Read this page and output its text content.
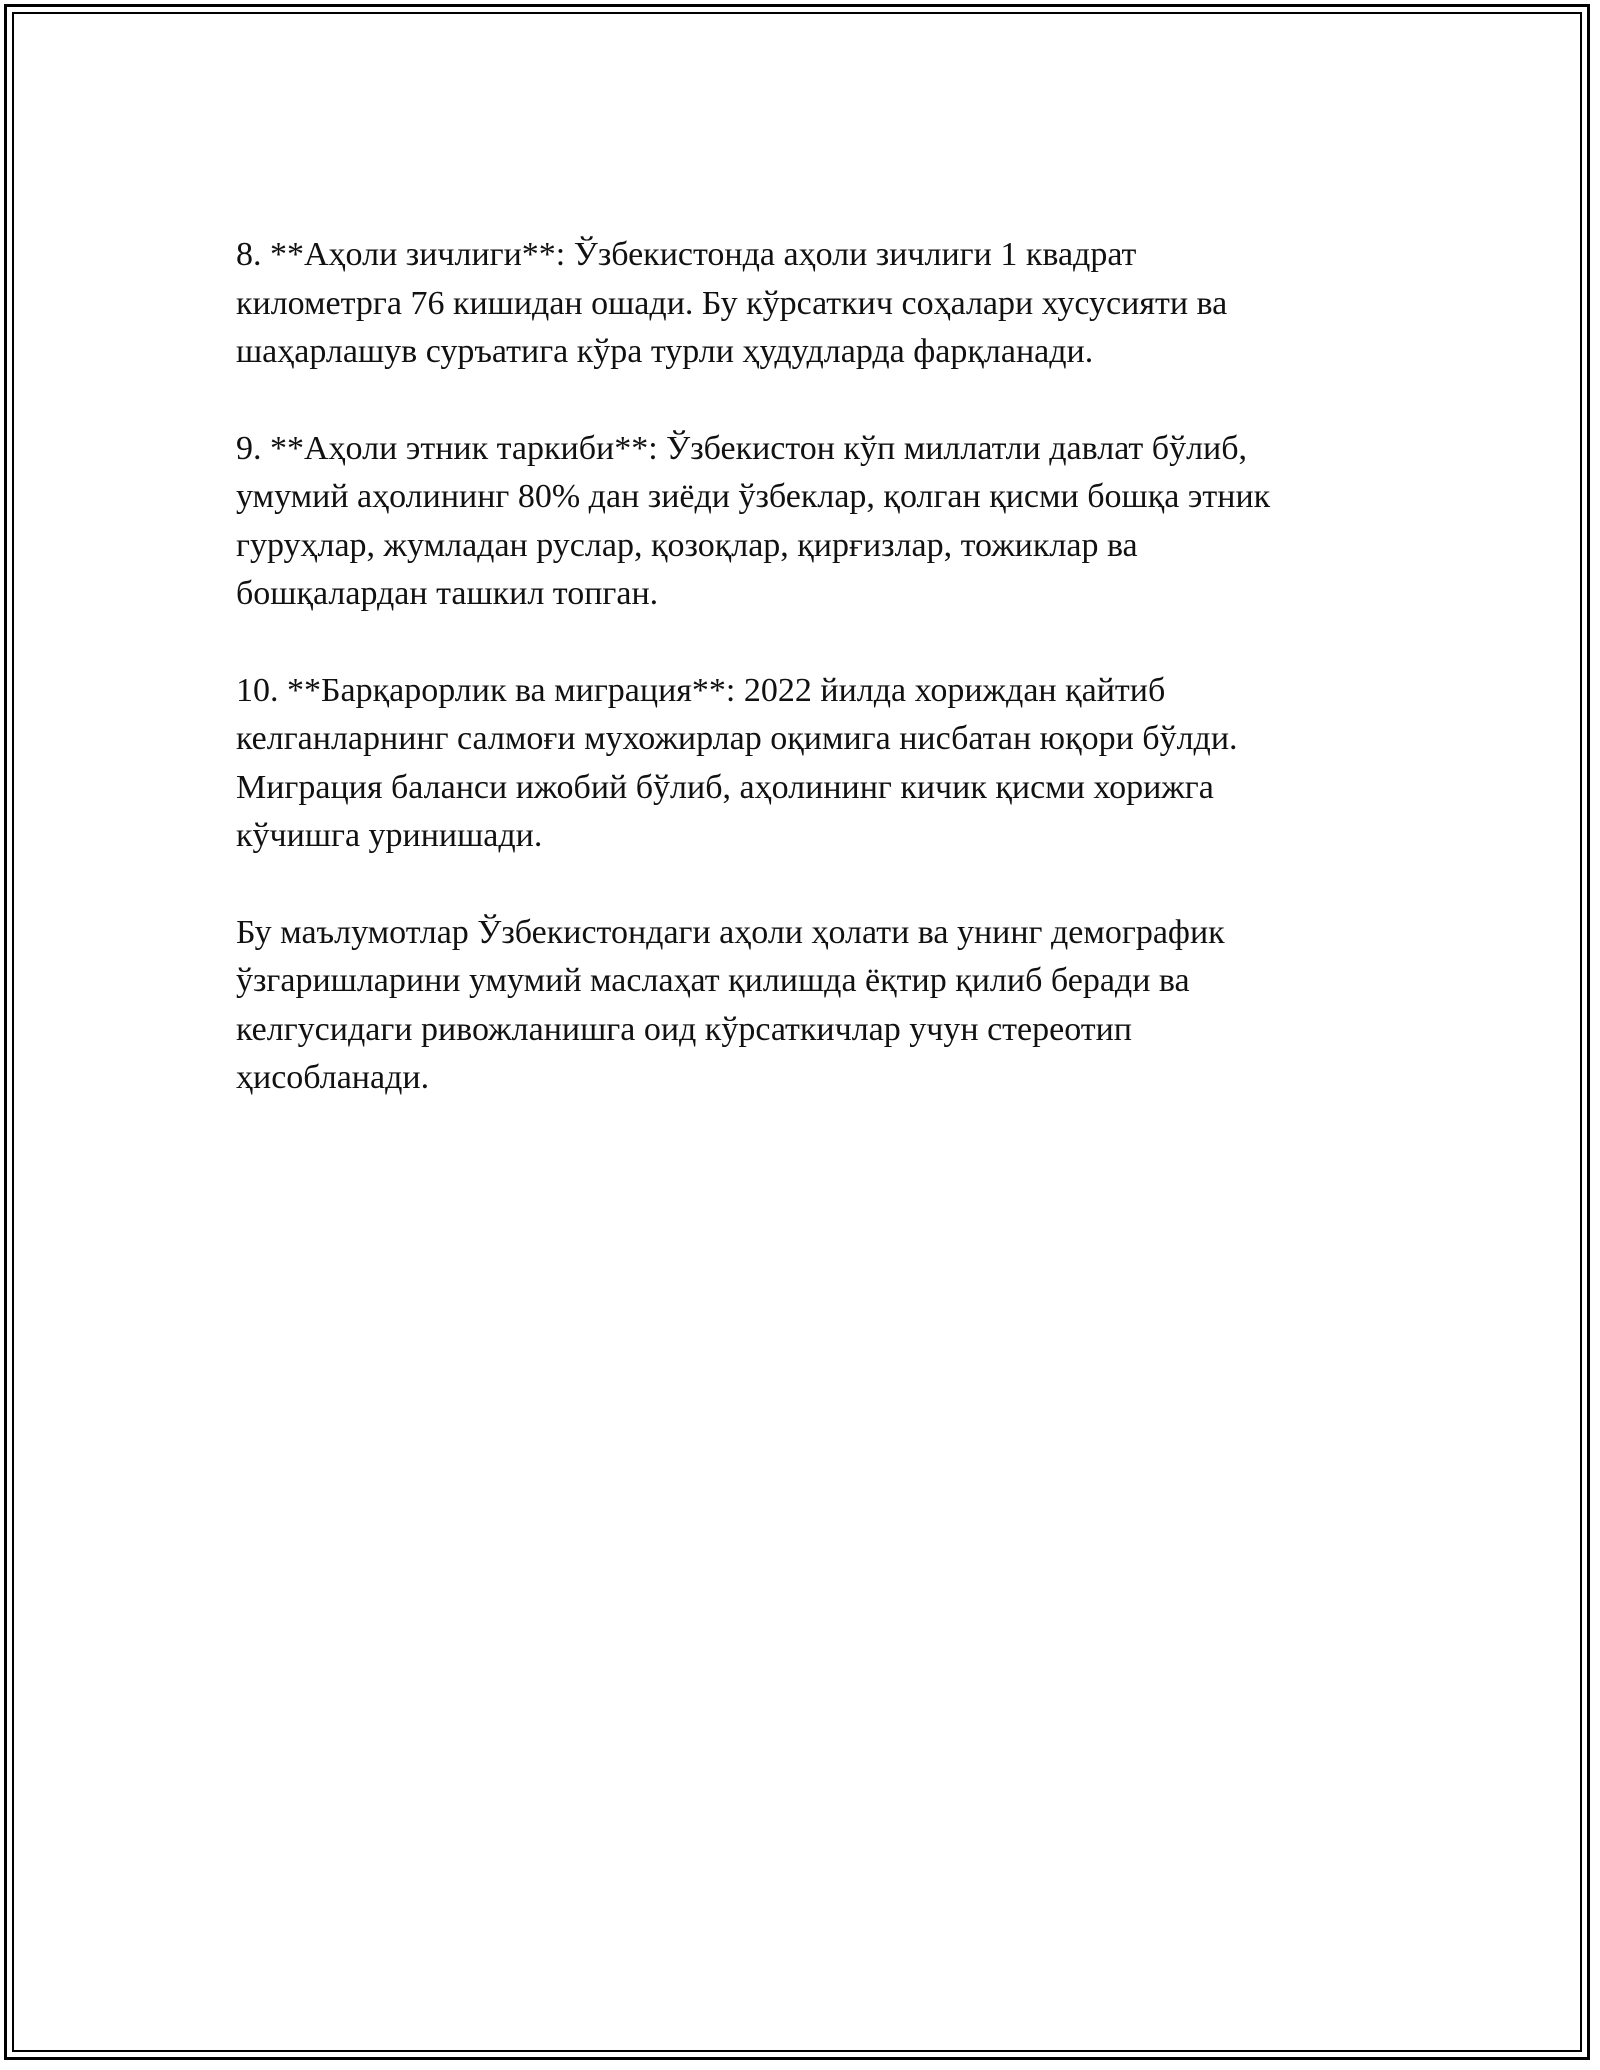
8. **Аҳоли зичлиги**: Ўзбекистонда аҳоли зичлиги 1 квадрат
километрга 76 кишидан ошади. Бу кўрсаткич соҳалари хусусияти ва
шаҳарлашув суръатига кўра турли ҳудудларда фарқланади.

9. **Аҳоли этник таркиби**: Ўзбекистон кўп миллатли давлат бўлиб,
умумий аҳолининг 80% дан зиёди ўзбеклар, қолган қисми бошқа этник
гуруҳлар, жумладан руслар, қозоқлар, қирғизлар, тожиклар ва
бошқалардан ташкил топган.

10. **Барқарорлик ва миграция**: 2022 йилда хориждан қайтиб
келганларнинг салмоғи мухожирлар оқимига нисбатан юқори бўлди.
Миграция баланси ижобий бўлиб, аҳолининг кичик қисми хорижга
кўчишга уринишади.

Бу маълумотлар Ўзбекистондаги аҳоли ҳолати ва унинг демографик
ўзгаришларини умумий маслаҳат қилишда ёқтир қилиб беради ва
келгусидаги ривожланишга оид кўрсаткичлар учун стереотип
ҳисобланади.
